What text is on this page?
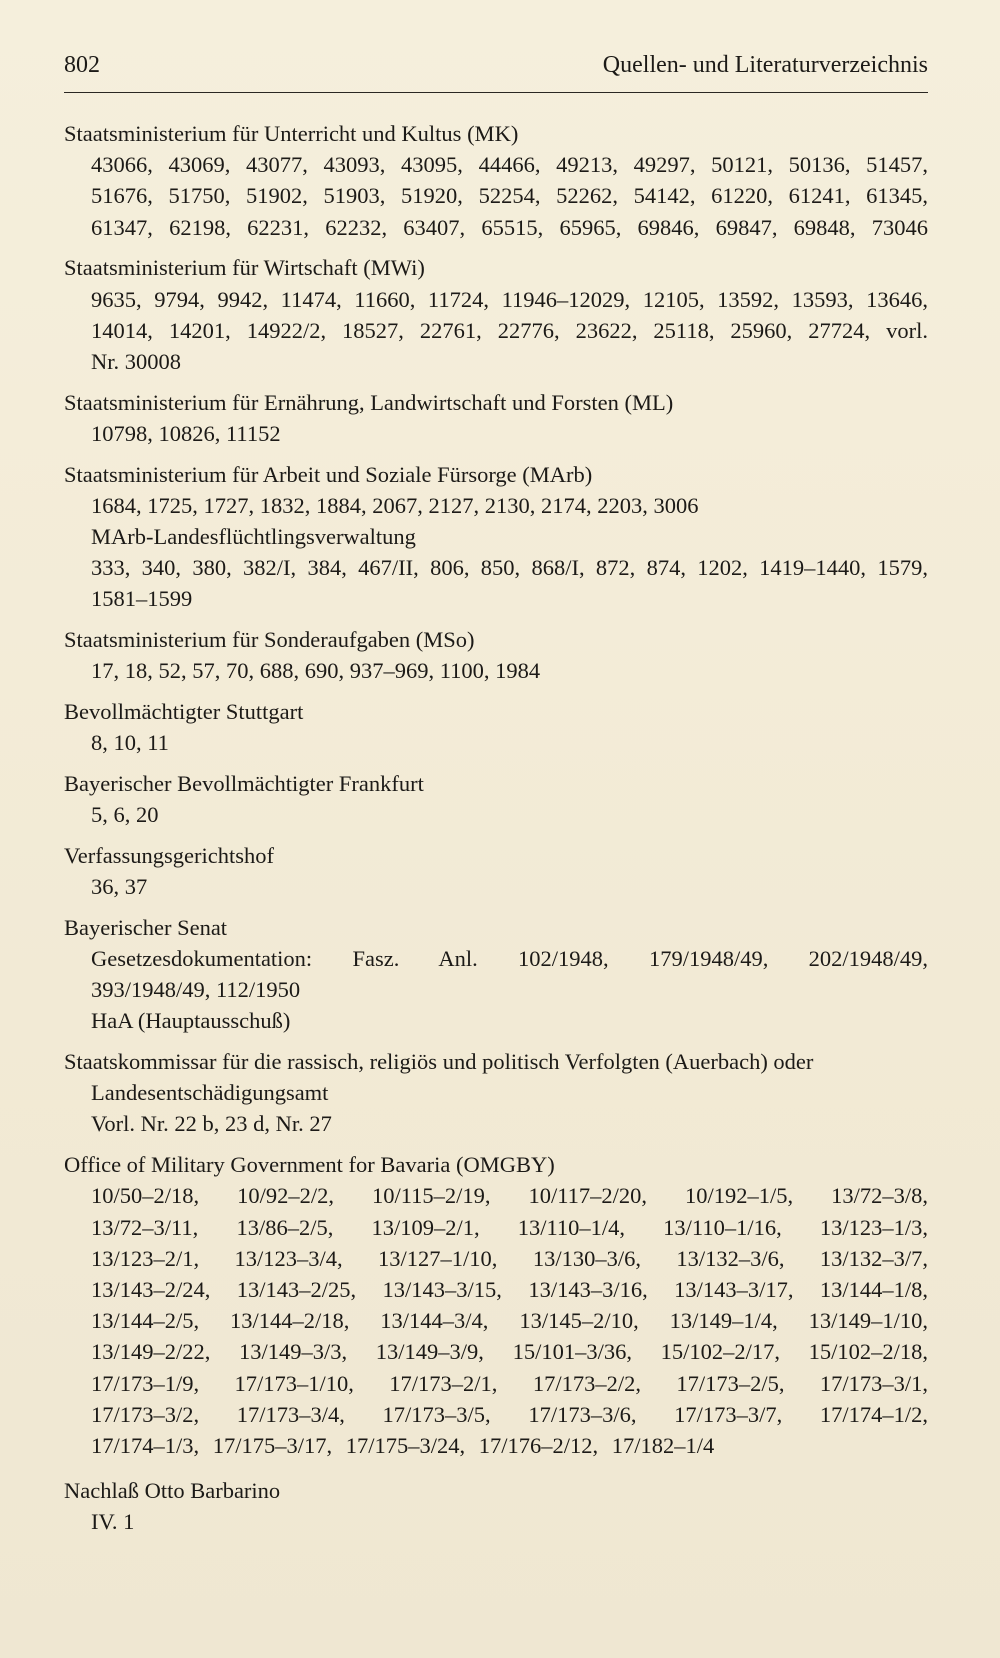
802	Quellen- und Literaturverzeichnis
Staatsministerium für Unterricht und Kultus (MK)
43066, 43069, 43077, 43093, 43095, 44466, 49213, 49297, 50121, 50136, 51457,
51676, 51750, 51902, 51903, 51920, 52254, 52262, 54142, 61220, 61241, 61345,
61347, 62198, 62231, 62232, 63407, 65515, 65965, 69846, 69847, 69848, 73046
Staatsministerium für Wirtschaft (MWi)
9635, 9794, 9942, 11474, 11660, 11724, 11946–12029, 12105, 13592, 13593, 13646,
14014, 14201, 14922/2, 18527, 22761, 22776, 23622, 25118, 25960, 27724, vorl.
Nr. 30008
Staatsministerium für Ernährung, Landwirtschaft und Forsten (ML)
10798, 10826, 11152
Staatsministerium für Arbeit und Soziale Fürsorge (MArb)
1684, 1725, 1727, 1832, 1884, 2067, 2127, 2130, 2174, 2203, 3006
MArb-Landesflüchtlingsverwaltung
333, 340, 380, 382/I, 384, 467/II, 806, 850, 868/I, 872, 874, 1202, 1419–1440, 1579,
1581–1599
Staatsministerium für Sonderaufgaben (MSo)
17, 18, 52, 57, 70, 688, 690, 937–969, 1100, 1984
Bevollmächtigter Stuttgart
8, 10, 11
Bayerischer Bevollmächtigter Frankfurt
5, 6, 20
Verfassungsgerichtshof
36, 37
Bayerischer Senat
Gesetzesdokumentation: Fasz. Anl. 102/1948, 179/1948/49, 202/1948/49,
393/1948/49, 112/1950
HaA (Hauptausschuß)
Staatskommissar für die rassisch, religiös und politisch Verfolgten (Auerbach) oder Landesentschädigungsamt
Vorl. Nr. 22 b, 23 d, Nr. 27
Office of Military Government for Bavaria (OMGBY)
10/50–2/18, 10/92–2/2, 10/115–2/19, 10/117–2/20, 10/192–1/5, 13/72–3/8,
13/72–3/11, 13/86–2/5, 13/109–2/1, 13/110–1/4, 13/110–1/16, 13/123–1/3,
13/123–2/1, 13/123–3/4, 13/127–1/10, 13/130–3/6, 13/132–3/6, 13/132–3/7,
13/143–2/24, 13/143–2/25, 13/143–3/15, 13/143–3/16, 13/143–3/17, 13/144–1/8,
13/144–2/5, 13/144–2/18, 13/144–3/4, 13/145–2/10, 13/149–1/4, 13/149–1/10,
13/149–2/22, 13/149–3/3, 13/149–3/9, 15/101–3/36, 15/102–2/17, 15/102–2/18,
17/173–1/9, 17/173–1/10, 17/173–2/1, 17/173–2/2, 17/173–2/5, 17/173–3/1,
17/173–3/2, 17/173–3/4, 17/173–3/5, 17/173–3/6, 17/173–3/7, 17/174–1/2,
17/174–1/3, 17/175–3/17, 17/175–3/24, 17/176–2/12, 17/182–1/4
Nachlaß Otto Barbarino
IV. 1
